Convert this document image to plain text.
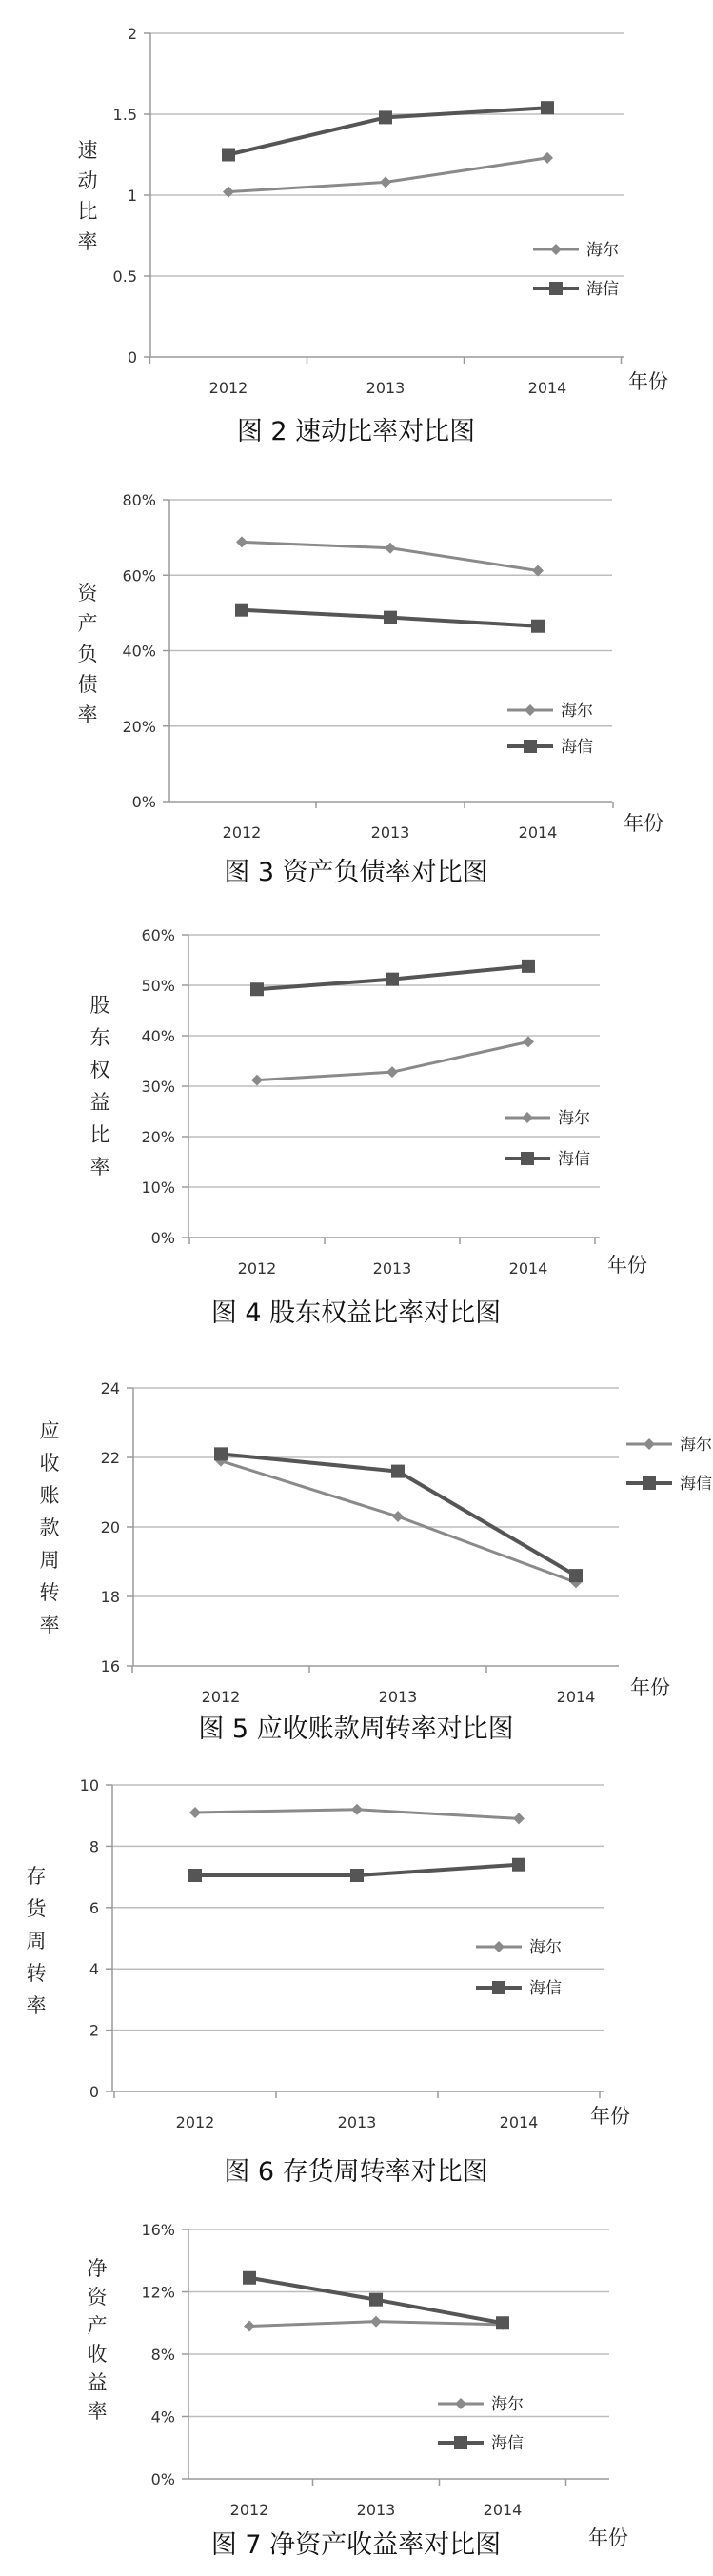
0
0.5
1
1.5
2
2012	2013	2014	年份
速动比率	海尔
海信
图 2 速动比率对比图
0%
20%
40%
60%
80%
2012	2013	2014	年份
资产负债率	海尔
海信
图 3 资产负债率对比图
0%
10%
20%
30%
40%
50%
60%
2012	2013	2014	年份
股东权益比率
海尔
海信
图 4 股东权益比率对比图
16
18
20
22
24
2012	2013	2014 年份
应收账款周转率
海尔
海信
图 5 应收账款周转率对比图
0
2
4
6
8
10
2012	2013	2014	年份
存货周转率
海尔
海信
图 6 存货周转率对比图
0%
4%
8%
12%
16%
2012	2013	2014
年份
净资产收益率	海尔
海信
图 7 净资产收益率对比图
